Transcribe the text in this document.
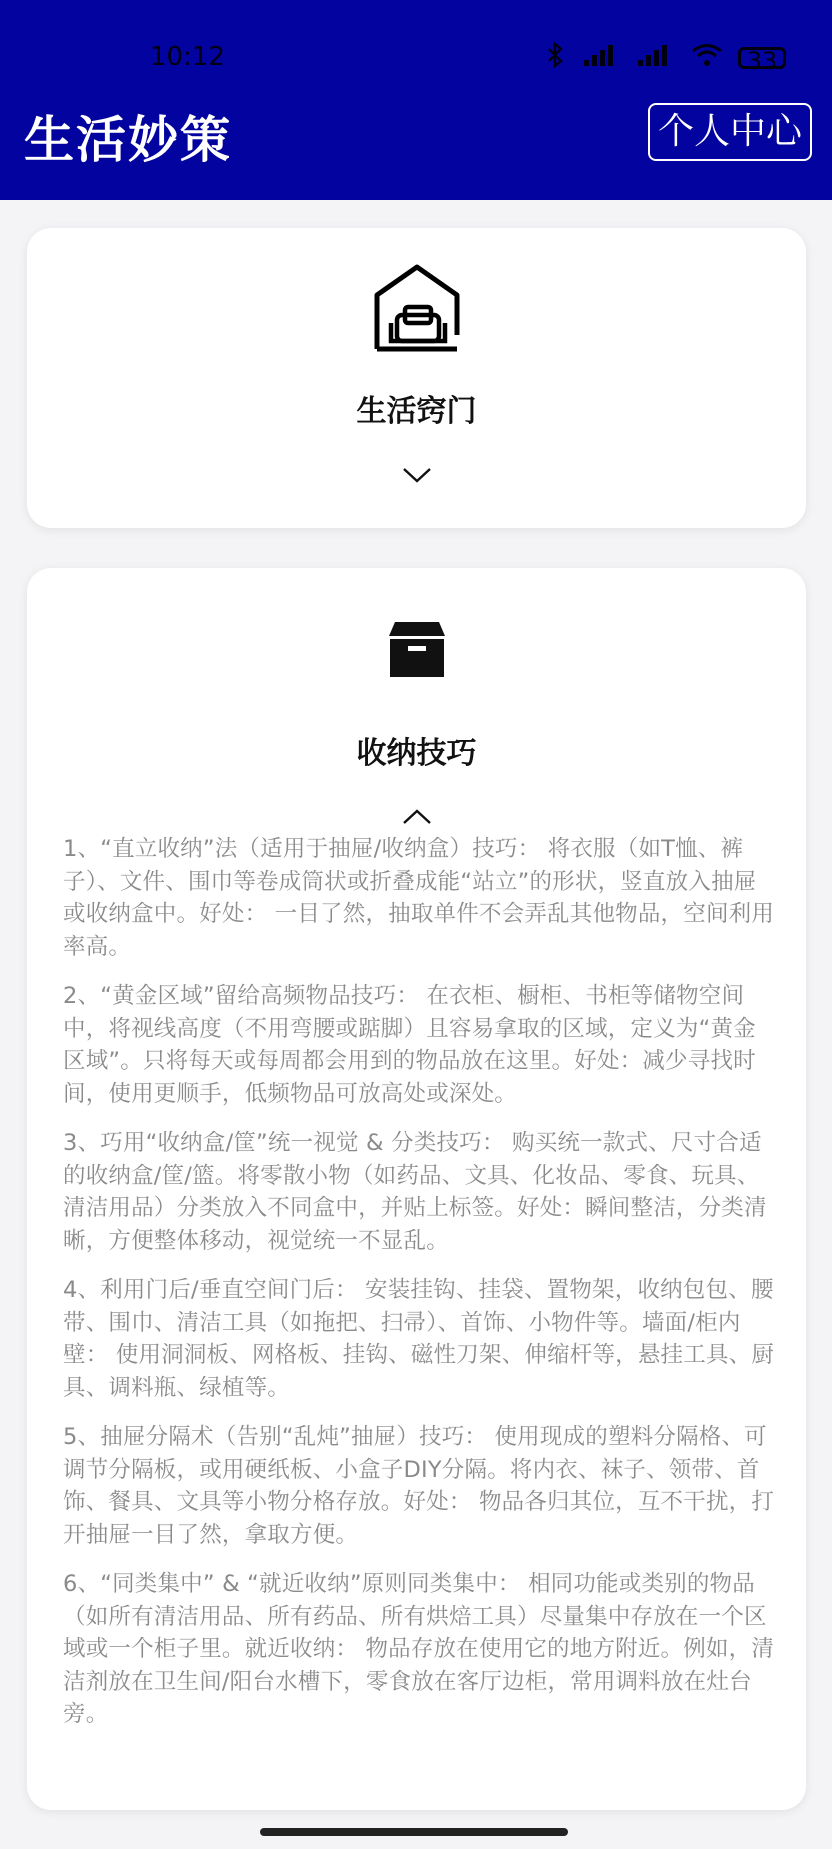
10:12	33
生活妙策	个人中心
生活窍门
收纳技巧

1、“直立收纳”法（适用于抽屉/收纳盒）技巧： 将衣服（如T恤、裤子）、文件、围巾等卷成筒状或折叠成能“站立”的形状，竖直放入抽屉或收纳盒中。好处： 一目了然，抽取单件不会弄乱其他物品，空间利用率高。

2、“黄金区域”留给高频物品技巧： 在衣柜、橱柜、书柜等储物空间中，将视线高度（不用弯腰或踮脚）且容易拿取的区域，定义为“黄金区域”。只将每天或每周都会用到的物品放在这里。好处：减少寻找时间，使用更顺手，低频物品可放高处或深处。

3、巧用“收纳盒/筐”统一视觉 & 分类技巧： 购买统一款式、尺寸合适的收纳盒/筐/篮。将零散小物（如药品、文具、化妆品、零食、玩具、清洁用品）分类放入不同盒中，并贴上标签。好处：瞬间整洁，分类清晰，方便整体移动，视觉统一不显乱。

4、利用门后/垂直空间门后： 安装挂钩、挂袋、置物架，收纳包包、腰带、围巾、清洁工具（如拖把、扫帚）、首饰、小物件等。墙面/柜内壁： 使用洞洞板、网格板、挂钩、磁性刀架、伸缩杆等，悬挂工具、厨具、调料瓶、绿植等。

5、抽屉分隔术（告别“乱炖”抽屉）技巧： 使用现成的塑料分隔格、可调节分隔板，或用硬纸板、小盒子DIY分隔。将内衣、袜子、领带、首饰、餐具、文具等小物分格存放。好处： 物品各归其位，互不干扰，打开抽屉一目了然，拿取方便。

6、“同类集中” & “就近收纳”原则同类集中： 相同功能或类别的物品（如所有清洁用品、所有药品、所有烘焙工具）尽量集中存放在一个区域或一个柜子里。就近收纳： 物品存放在使用它的地方附近。例如，清洁剂放在卫生间/阳台水槽下，零食放在客厅边柜，常用调料放在灶台旁。
